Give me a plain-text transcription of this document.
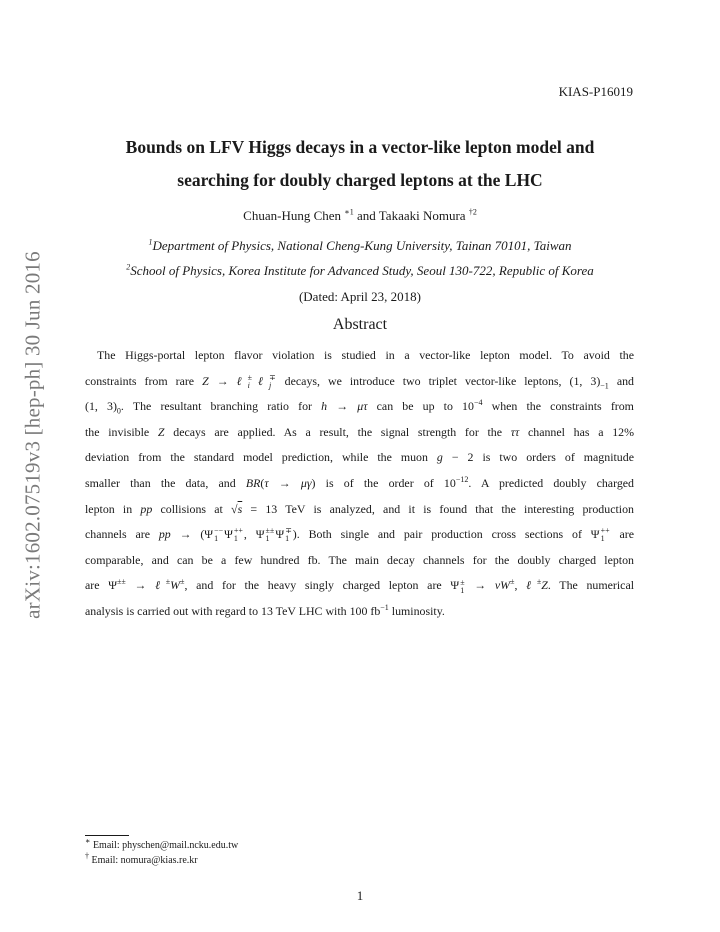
arXiv:1602.07519v3 [hep-ph] 30 Jun 2016
KIAS-P16019
Bounds on LFV Higgs decays in a vector-like lepton model and
searching for doubly charged leptons at the LHC
Chuan-Hung Chen $^{∗1}$ and Takaaki Nomura $^{\dagger 2}$
$^1$Department of Physics, National Cheng-Kung University, Tainan 70101, Taiwan
$^2$School of Physics, Korea Institute for Advanced Study, Seoul 130-722, Republic of Korea
(Dated: April 23, 2018)
Abstract
The Higgs-portal lepton flavor violation is studied in a vector-like lepton model. To avoid the
constraints from rare Z → ℓ ±
i ℓ ∓
j	decays, we introduce two triplet vector-like leptons, (1, $3)_{-1}$ and
(1, $3)_0$. The resultant branching ratio for h → μτ can be up to $10^{-4}$ when the constraints from
the invisible Z decays are applied. As a result, the signal strength for the ττ channel has a 12%
deviation from the standard model prediction, while the muon g − 2 is two orders of magnitude
smaller than the data, and BR(τ → μγ) is of the order of $10^{-12}$. A predicted doubly charged
lepton in pp collisions at √s = 13 TeV is analyzed, and it is found that the interesting production
channels are pp → (Ψ −−
1 Ψ ++
1 , Ψ ±±
1 Ψ ∓
1 ). Both single and pair production cross sections of Ψ ++
1	are
comparable, and can be a few hundred fb. The main decay channels for the doubly charged lepton
are Ψ±± → ℓ±W±, and for the heavy singly charged lepton are Ψ ±
1 → νW±, ℓ±Z. The numerical
analysis is carried out with regard to 13 TeV LHC with 100 $fb^{-1}$ luminosity.
∗ Email: physchen@mail.ncku.edu.tw
† Email: nomura@kias.re.kr
1
